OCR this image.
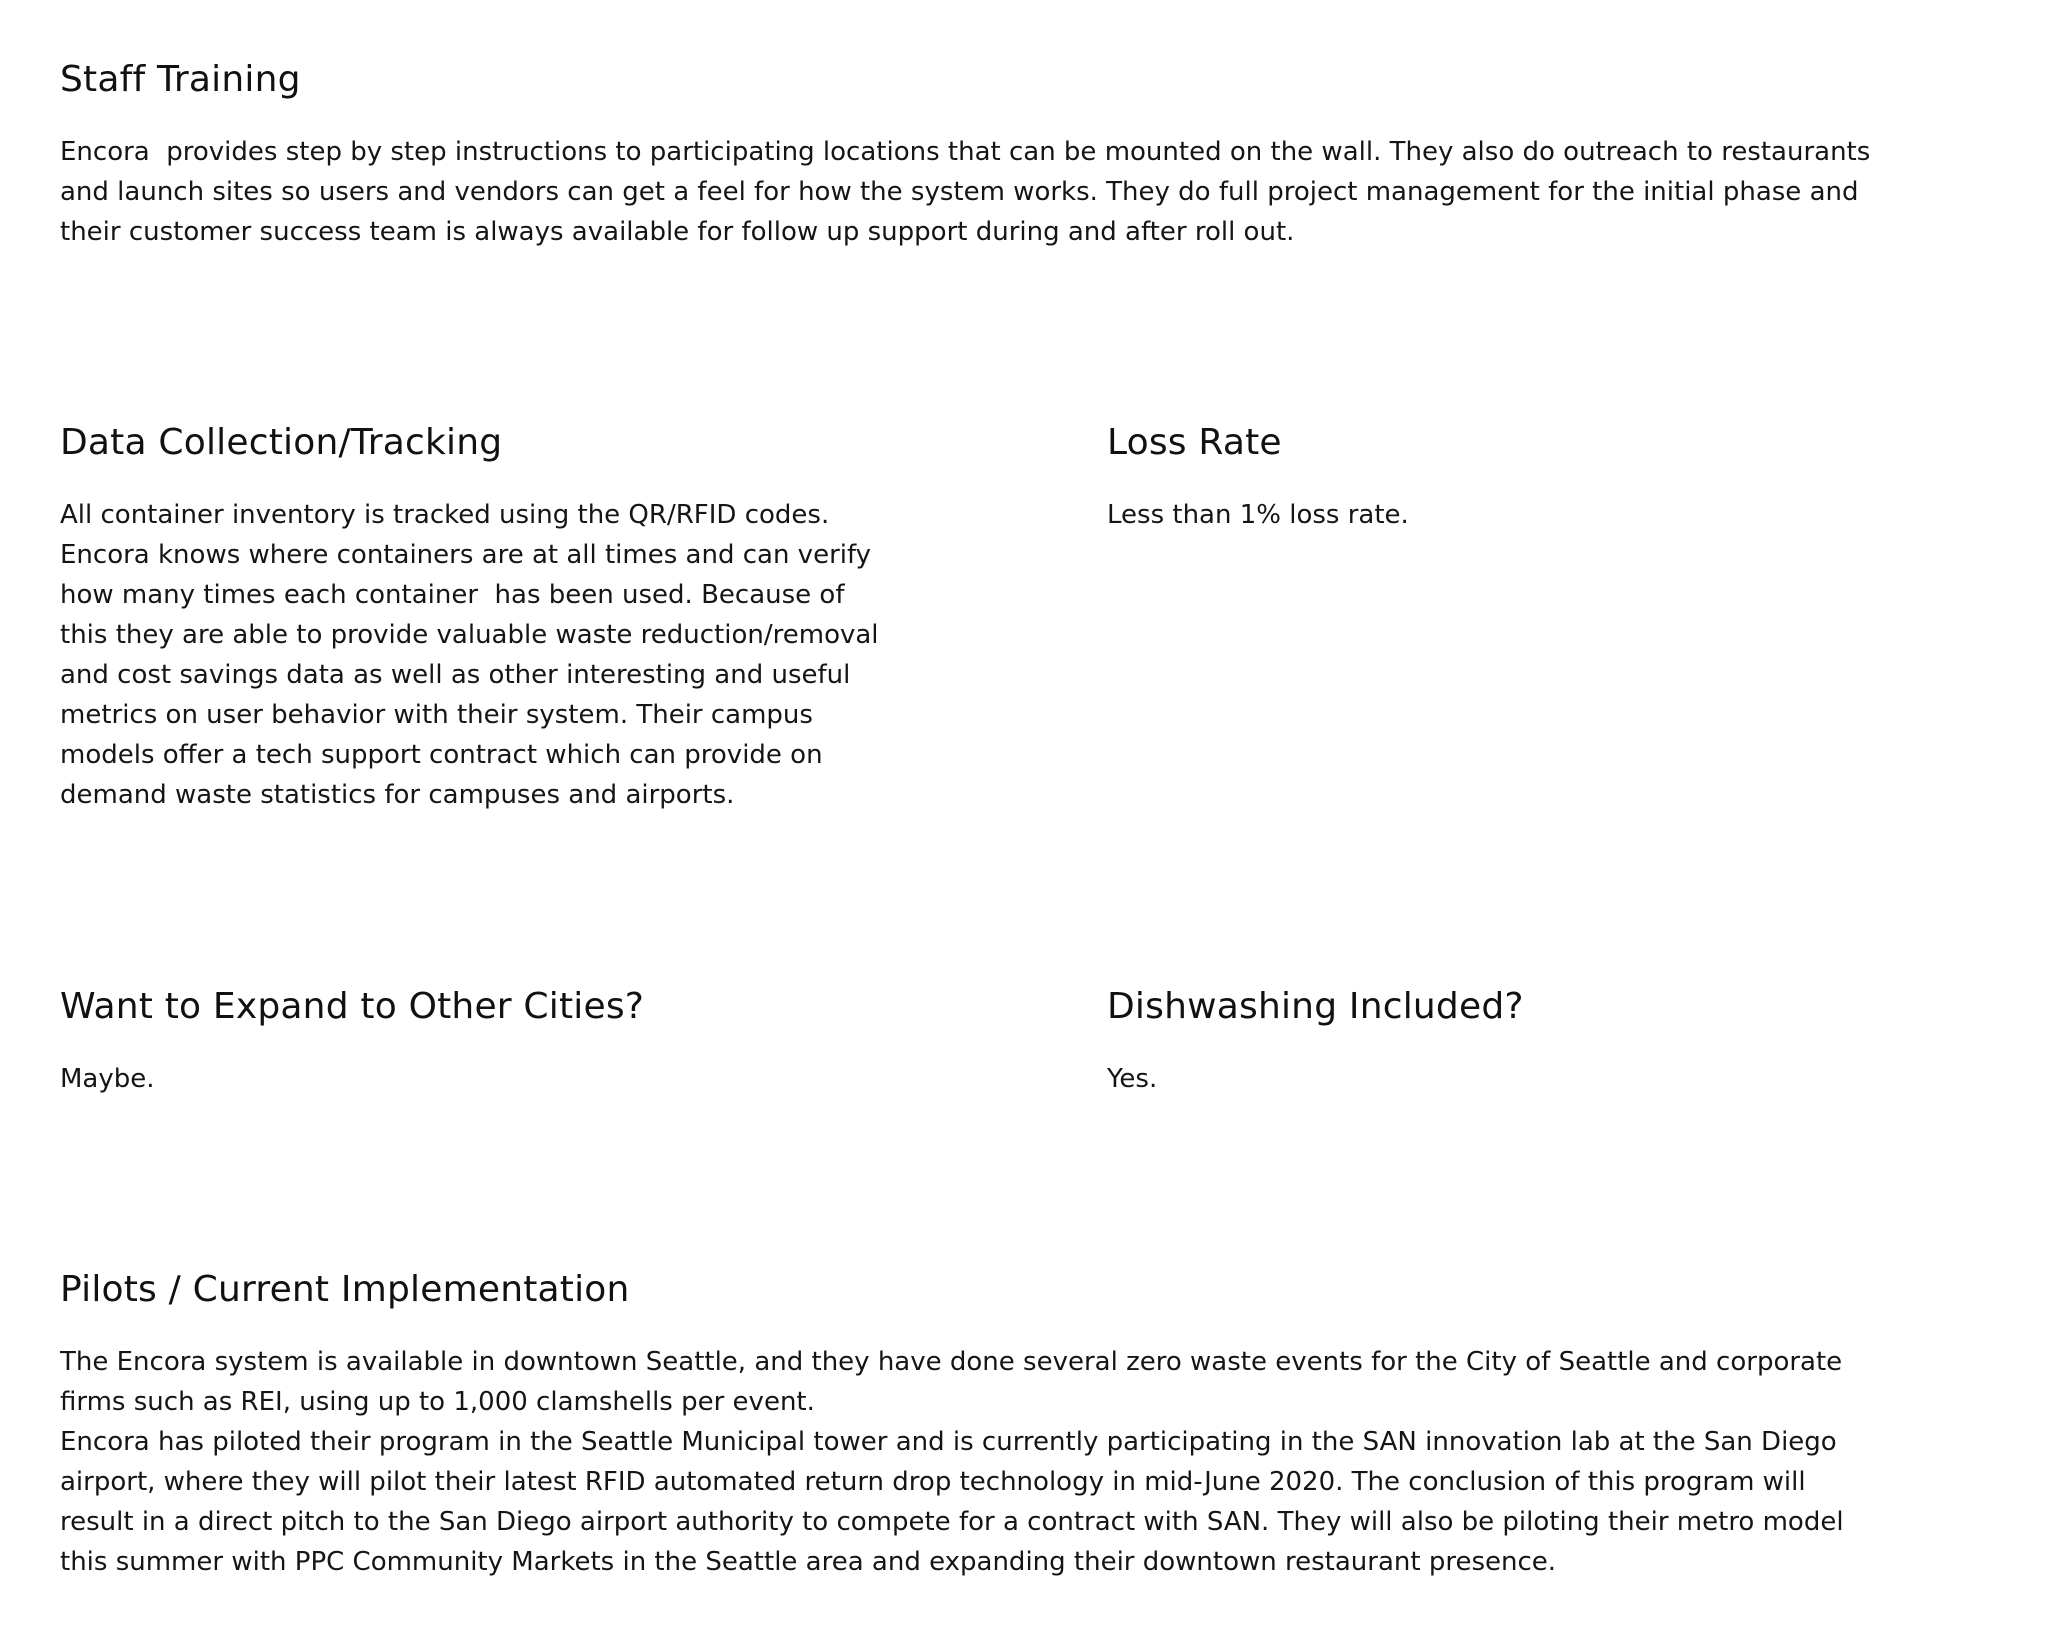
Staff Training

Encora  provides step by step instructions to participating locations that can be mounted on the wall. They also do outreach to restaurants
and launch sites so users and vendors can get a feel for how the system works. They do full project management for the initial phase and
their customer success team is always available for follow up support during and after roll out.

Data Collection/Tracking

All container inventory is tracked using the QR/RFID codes.
Encora knows where containers are at all times and can verify
how many times each container  has been used. Because of
this they are able to provide valuable waste reduction/removal
and cost savings data as well as other interesting and useful
metrics on user behavior with their system. Their campus
models offer a tech support contract which can provide on
demand waste statistics for campuses and airports.

Loss Rate

Less than 1% loss rate.

Want to Expand to Other Cities?

Maybe.

Dishwashing Included?

Yes.

Pilots / Current Implementation

The Encora system is available in downtown Seattle, and they have done several zero waste events for the City of Seattle and corporate
firms such as REI, using up to 1,000 clamshells per event.
Encora has piloted their program in the Seattle Municipal tower and is currently participating in the SAN innovation lab at the San Diego
airport, where they will pilot their latest RFID automated return drop technology in mid-June 2020. The conclusion of this program will
result in a direct pitch to the San Diego airport authority to compete for a contract with SAN. They will also be piloting their metro model
this summer with PPC Community Markets in the Seattle area and expanding their downtown restaurant presence.
